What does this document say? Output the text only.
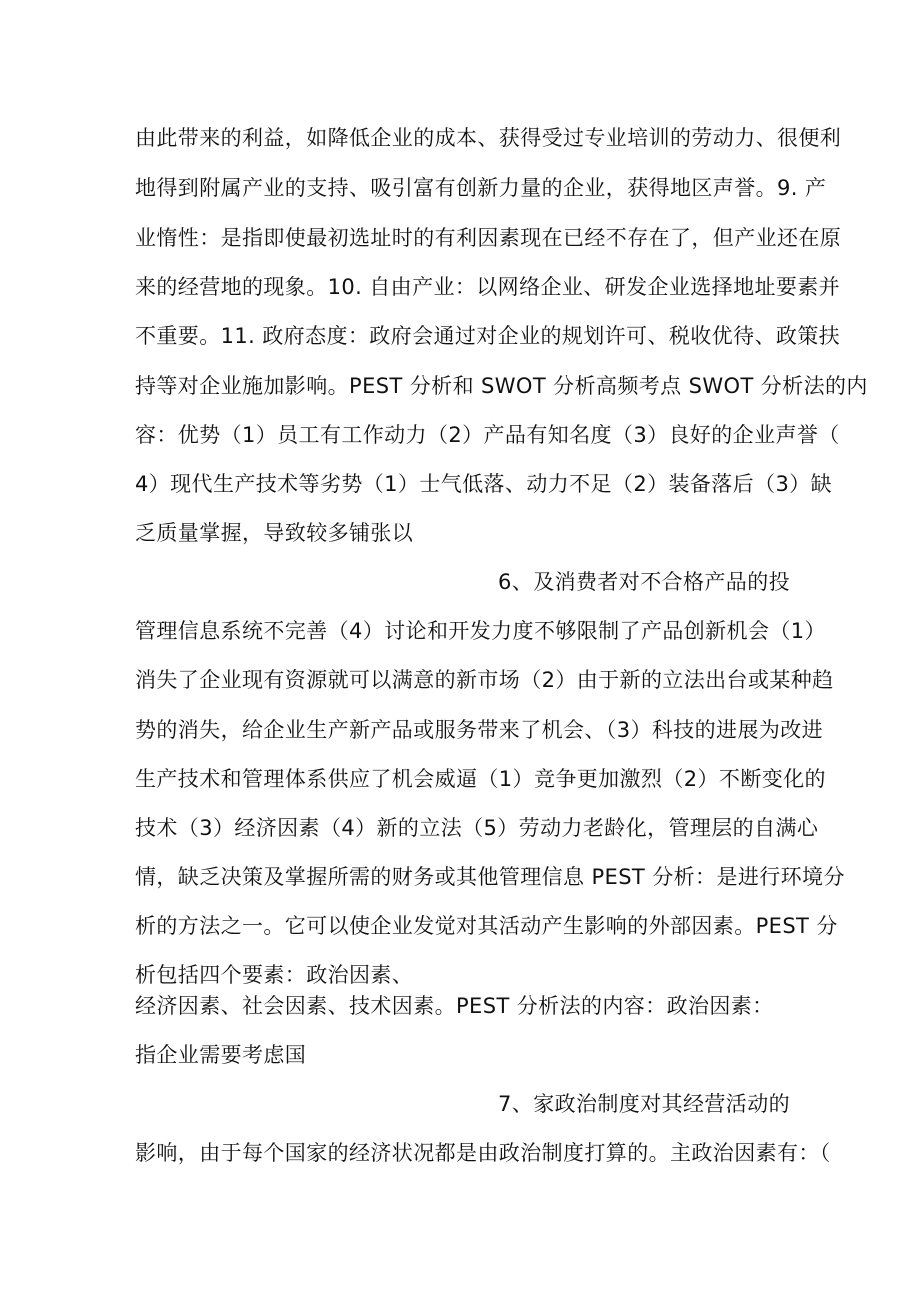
由此带来的利益，如降低企业的成本、获得受过专业培训的劳动力、很便利
地得到附属产业的支持、吸引富有创新力量的企业，获得地区声誉。9. 产
业惰性：是指即使最初选址时的有利因素现在已经不存在了，但产业还在原
来的经营地的现象。10. 自由产业：以网络企业、研发企业选择地址要素并
不重要。11. 政府态度：政府会通过对企业的规划许可、税收优待、政策扶
持等对企业施加影响。PEST 分析和 SWOT 分析高频考点 SWOT 分析法的内
容：优势（1）员工有工作动力（2）产品有知名度（3）良好的企业声誉（
4）现代生产技术等劣势（1）士气低落、动力不足（2）装备落后（3）缺
乏质量掌握，导致较多铺张以
6、及消费者对不合格产品的投
管理信息系统不完善（4）讨论和开发力度不够限制了产品创新机会（1）
消失了企业现有资源就可以满意的新市场（2）由于新的立法出台或某种趋
势的消失，给企业生产新产品或服务带来了机会、（3）科技的进展为改进
生产技术和管理体系供应了机会威逼（1）竞争更加激烈（2）不断变化的
技术（3）经济因素（4）新的立法（5）劳动力老龄化，管理层的自满心
情，缺乏决策及掌握所需的财务或其他管理信息 PEST 分析：是进行环境分
析的方法之一。它可以使企业发觉对其活动产生影响的外部因素。PEST 分
析包括四个要素：政治因素、
经济因素、社会因素、技术因素。PEST 分析法的内容：政治因素：
指企业需要考虑国
7、家政治制度对其经营活动的
影响，由于每个国家的经济状况都是由政治制度打算的。主政治因素有：（
